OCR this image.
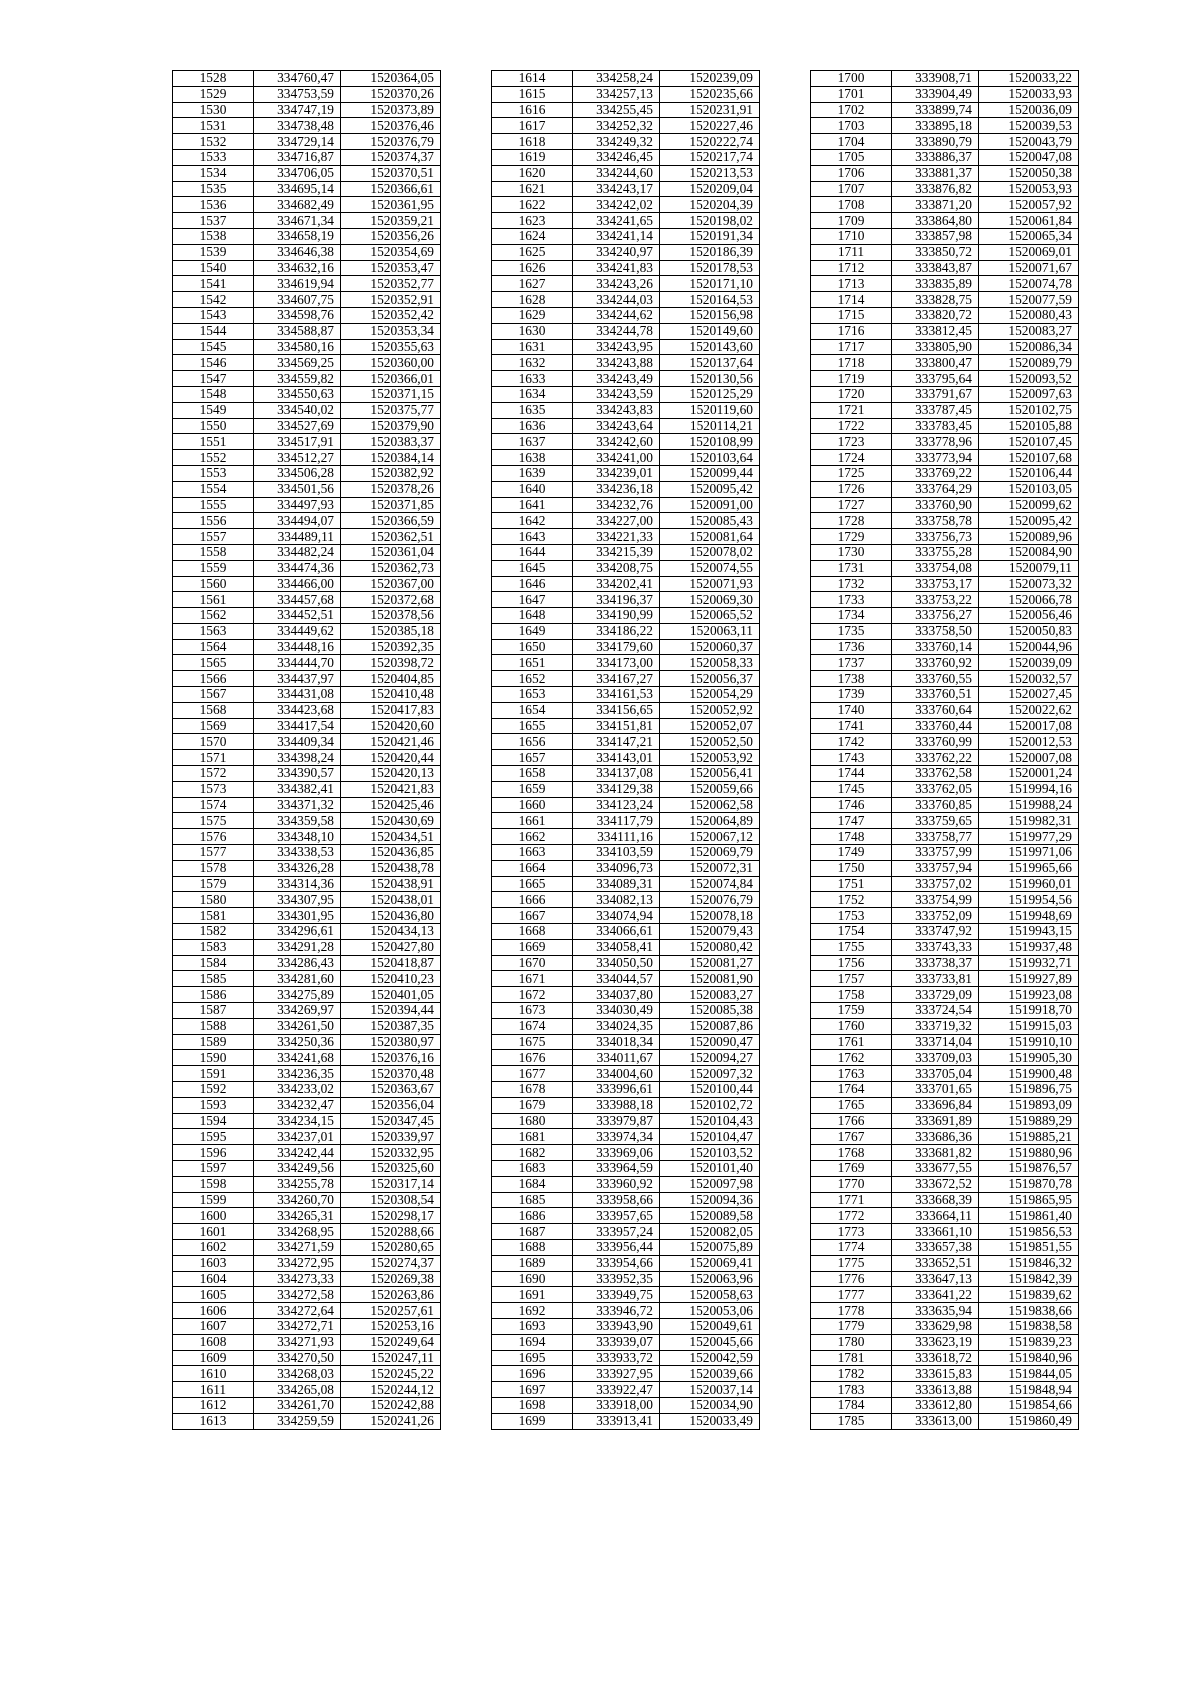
1528	334760,47	1520364,05
1529	334753,59	1520370,26
1530	334747,19	1520373,89
1531	334738,48	1520376,46
1532	334729,14	1520376,79
1533	334716,87	1520374,37
1534	334706,05	1520370,51
1535	334695,14	1520366,61
1536	334682,49	1520361,95
1537	334671,34	1520359,21
1538	334658,19	1520356,26
1539	334646,38	1520354,69
1540	334632,16	1520353,47
1541	334619,94	1520352,77
1542	334607,75	1520352,91
1543	334598,76	1520352,42
1544	334588,87	1520353,34
1545	334580,16	1520355,63
1546	334569,25	1520360,00
1547	334559,82	1520366,01
1548	334550,63	1520371,15
1549	334540,02	1520375,77
1550	334527,69	1520379,90
1551	334517,91	1520383,37
1552	334512,27	1520384,14
1553	334506,28	1520382,92
1554	334501,56	1520378,26
1555	334497,93	1520371,85
1556	334494,07	1520366,59
1557	334489,11	1520362,51
1558	334482,24	1520361,04
1559	334474,36	1520362,73
1560	334466,00	1520367,00
1561	334457,68	1520372,68
1562	334452,51	1520378,56
1563	334449,62	1520385,18
1564	334448,16	1520392,35
1565	334444,70	1520398,72
1566	334437,97	1520404,85
1567	334431,08	1520410,48
1568	334423,68	1520417,83
1569	334417,54	1520420,60
1570	334409,34	1520421,46
1571	334398,24	1520420,44
1572	334390,57	1520420,13
1573	334382,41	1520421,83
1574	334371,32	1520425,46
1575	334359,58	1520430,69
1576	334348,10	1520434,51
1577	334338,53	1520436,85
1578	334326,28	1520438,78
1579	334314,36	1520438,91
1580	334307,95	1520438,01
1581	334301,95	1520436,80
1582	334296,61	1520434,13
1583	334291,28	1520427,80
1584	334286,43	1520418,87
1585	334281,60	1520410,23
1586	334275,89	1520401,05
1587	334269,97	1520394,44
1588	334261,50	1520387,35
1589	334250,36	1520380,97
1590	334241,68	1520376,16
1591	334236,35	1520370,48
1592	334233,02	1520363,67
1593	334232,47	1520356,04
1594	334234,15	1520347,45
1595	334237,01	1520339,97
1596	334242,44	1520332,95
1597	334249,56	1520325,60
1598	334255,78	1520317,14
1599	334260,70	1520308,54
1600	334265,31	1520298,17
1601	334268,95	1520288,66
1602	334271,59	1520280,65
1603	334272,95	1520274,37
1604	334273,33	1520269,38
1605	334272,58	1520263,86
1606	334272,64	1520257,61
1607	334272,71	1520253,16
1608	334271,93	1520249,64
1609	334270,50	1520247,11
1610	334268,03	1520245,22
1611	334265,08	1520244,12
1612	334261,70	1520242,88
1613	334259,59	1520241,26
1614	334258,24	1520239,09
1615	334257,13	1520235,66
1616	334255,45	1520231,91
1617	334252,32	1520227,46
1618	334249,32	1520222,74
1619	334246,45	1520217,74
1620	334244,60	1520213,53
1621	334243,17	1520209,04
1622	334242,02	1520204,39
1623	334241,65	1520198,02
1624	334241,14	1520191,34
1625	334240,97	1520186,39
1626	334241,83	1520178,53
1627	334243,26	1520171,10
1628	334244,03	1520164,53
1629	334244,62	1520156,98
1630	334244,78	1520149,60
1631	334243,95	1520143,60
1632	334243,88	1520137,64
1633	334243,49	1520130,56
1634	334243,59	1520125,29
1635	334243,83	1520119,60
1636	334243,64	1520114,21
1637	334242,60	1520108,99
1638	334241,00	1520103,64
1639	334239,01	1520099,44
1640	334236,18	1520095,42
1641	334232,76	1520091,00
1642	334227,00	1520085,43
1643	334221,33	1520081,64
1644	334215,39	1520078,02
1645	334208,75	1520074,55
1646	334202,41	1520071,93
1647	334196,37	1520069,30
1648	334190,99	1520065,52
1649	334186,22	1520063,11
1650	334179,60	1520060,37
1651	334173,00	1520058,33
1652	334167,27	1520056,37
1653	334161,53	1520054,29
1654	334156,65	1520052,92
1655	334151,81	1520052,07
1656	334147,21	1520052,50
1657	334143,01	1520053,92
1658	334137,08	1520056,41
1659	334129,38	1520059,66
1660	334123,24	1520062,58
1661	334117,79	1520064,89
1662	334111,16	1520067,12
1663	334103,59	1520069,79
1664	334096,73	1520072,31
1665	334089,31	1520074,84
1666	334082,13	1520076,79
1667	334074,94	1520078,18
1668	334066,61	1520079,43
1669	334058,41	1520080,42
1670	334050,50	1520081,27
1671	334044,57	1520081,90
1672	334037,80	1520083,27
1673	334030,49	1520085,38
1674	334024,35	1520087,86
1675	334018,34	1520090,47
1676	334011,67	1520094,27
1677	334004,60	1520097,32
1678	333996,61	1520100,44
1679	333988,18	1520102,72
1680	333979,87	1520104,43
1681	333974,34	1520104,47
1682	333969,06	1520103,52
1683	333964,59	1520101,40
1684	333960,92	1520097,98
1685	333958,66	1520094,36
1686	333957,65	1520089,58
1687	333957,24	1520082,05
1688	333956,44	1520075,89
1689	333954,66	1520069,41
1690	333952,35	1520063,96
1691	333949,75	1520058,63
1692	333946,72	1520053,06
1693	333943,90	1520049,61
1694	333939,07	1520045,66
1695	333933,72	1520042,59
1696	333927,95	1520039,66
1697	333922,47	1520037,14
1698	333918,00	1520034,90
1699	333913,41	1520033,49
1700	333908,71	1520033,22
1701	333904,49	1520033,93
1702	333899,74	1520036,09
1703	333895,18	1520039,53
1704	333890,79	1520043,79
1705	333886,37	1520047,08
1706	333881,37	1520050,38
1707	333876,82	1520053,93
1708	333871,20	1520057,92
1709	333864,80	1520061,84
1710	333857,98	1520065,34
1711	333850,72	1520069,01
1712	333843,87	1520071,67
1713	333835,89	1520074,78
1714	333828,75	1520077,59
1715	333820,72	1520080,43
1716	333812,45	1520083,27
1717	333805,90	1520086,34
1718	333800,47	1520089,79
1719	333795,64	1520093,52
1720	333791,67	1520097,63
1721	333787,45	1520102,75
1722	333783,45	1520105,88
1723	333778,96	1520107,45
1724	333773,94	1520107,68
1725	333769,22	1520106,44
1726	333764,29	1520103,05
1727	333760,90	1520099,62
1728	333758,78	1520095,42
1729	333756,73	1520089,96
1730	333755,28	1520084,90
1731	333754,08	1520079,11
1732	333753,17	1520073,32
1733	333753,22	1520066,78
1734	333756,27	1520056,46
1735	333758,50	1520050,83
1736	333760,14	1520044,96
1737	333760,92	1520039,09
1738	333760,55	1520032,57
1739	333760,51	1520027,45
1740	333760,64	1520022,62
1741	333760,44	1520017,08
1742	333760,99	1520012,53
1743	333762,22	1520007,08
1744	333762,58	1520001,24
1745	333762,05	1519994,16
1746	333760,85	1519988,24
1747	333759,65	1519982,31
1748	333758,77	1519977,29
1749	333757,99	1519971,06
1750	333757,94	1519965,66
1751	333757,02	1519960,01
1752	333754,99	1519954,56
1753	333752,09	1519948,69
1754	333747,92	1519943,15
1755	333743,33	1519937,48
1756	333738,37	1519932,71
1757	333733,81	1519927,89
1758	333729,09	1519923,08
1759	333724,54	1519918,70
1760	333719,32	1519915,03
1761	333714,04	1519910,10
1762	333709,03	1519905,30
1763	333705,04	1519900,48
1764	333701,65	1519896,75
1765	333696,84	1519893,09
1766	333691,89	1519889,29
1767	333686,36	1519885,21
1768	333681,82	1519880,96
1769	333677,55	1519876,57
1770	333672,52	1519870,78
1771	333668,39	1519865,95
1772	333664,11	1519861,40
1773	333661,10	1519856,53
1774	333657,38	1519851,55
1775	333652,51	1519846,32
1776	333647,13	1519842,39
1777	333641,22	1519839,62
1778	333635,94	1519838,66
1779	333629,98	1519838,58
1780	333623,19	1519839,23
1781	333618,72	1519840,96
1782	333615,83	1519844,05
1783	333613,88	1519848,94
1784	333612,80	1519854,66
1785	333613,00	1519860,49
